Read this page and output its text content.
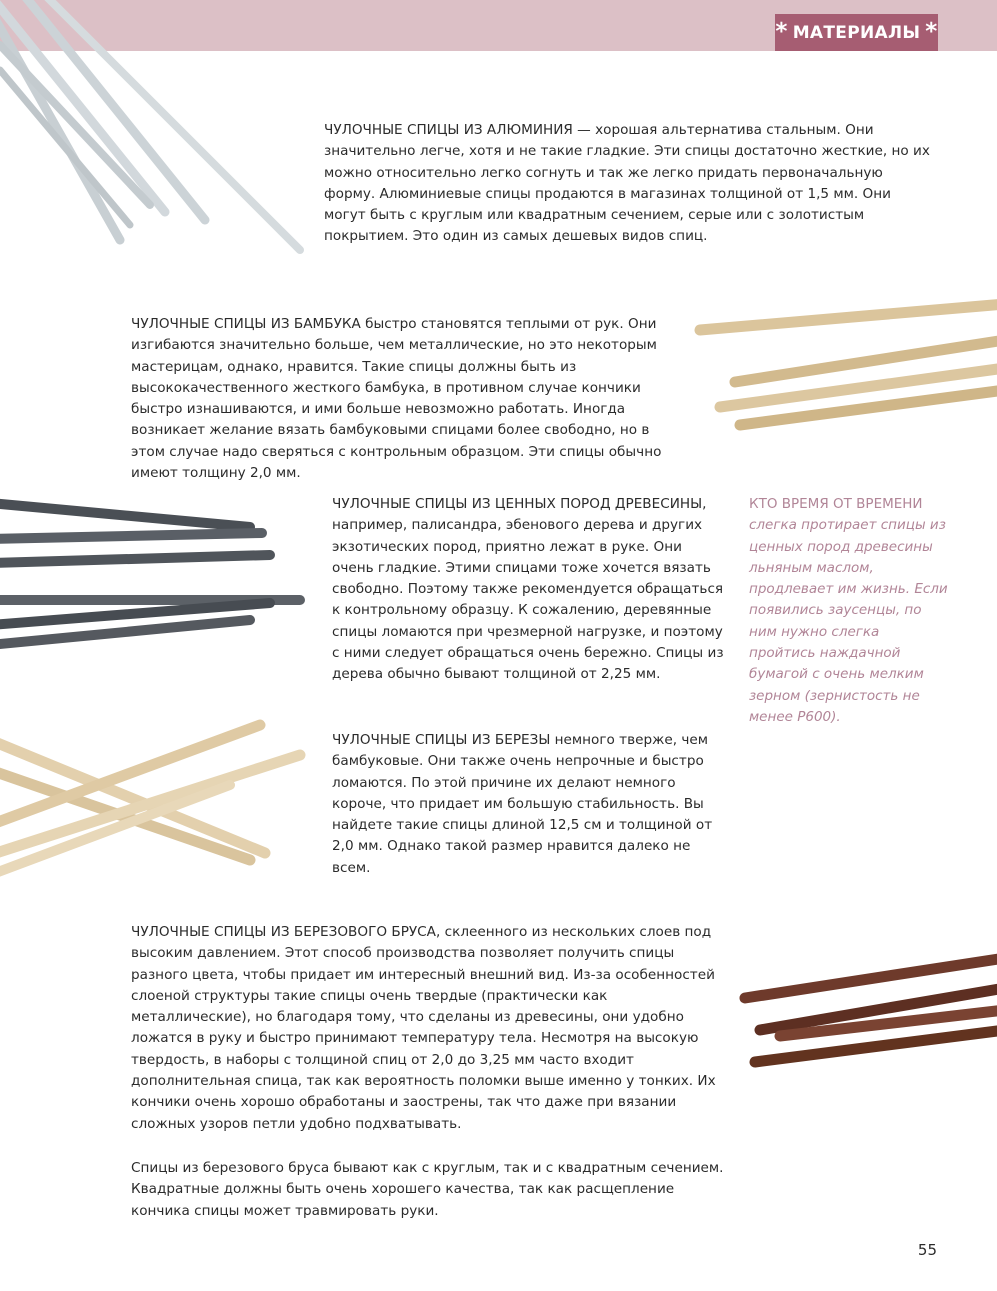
* МАТЕРИАЛЫ *

ЧУЛОЧНЫЕ СПИЦЫ ИЗ АЛЮМИНИЯ — хорошая альтернатива стальным. Они значительно легче, хотя и не такие гладкие. Эти спицы достаточно жесткие, но их можно относительно легко согнуть и так же легко придать первоначальную форму. Алюминиевые спицы продаются в магазинах толщиной от 1,5 мм. Они могут быть с круглым или квадратным сечением, серые или с золотистым покрытием. Это один из самых дешевых видов спиц.

ЧУЛОЧНЫЕ СПИЦЫ ИЗ БАМБУКА быстро становятся теплыми от рук. Они изгибаются значительно больше, чем металлические, но это некоторым мастерицам, однако, нравится. Такие спицы должны быть из высококачественного жесткого бамбука, в противном случае кончики быстро изнашиваются, и ими больше невозможно работать. Иногда возникает желание вязать бамбуковыми спицами более свободно, но в этом случае надо сверяться с контрольным образцом. Эти спицы обычно имеют толщину 2,0 мм.

ЧУЛОЧНЫЕ СПИЦЫ ИЗ ЦЕННЫХ ПОРОД ДРЕВЕСИНЫ, например, палисандра, эбенового дерева и других экзотических пород, приятно лежат в руке. Они очень гладкие. Этими спицами тоже хочется вязать свободно. Поэтому также рекомендуется обращаться к контрольному образцу. К сожалению, деревянные спицы ломаются при чрезмерной нагрузке, и поэтому с ними следует обращаться очень бережно. Спицы из дерева обычно бывают толщиной от 2,25 мм.

ЧУЛОЧНЫЕ СПИЦЫ ИЗ БЕРЕЗЫ немного тверже, чем бамбуковые. Они также очень непрочные и быстро ломаются. По этой причине их делают немного короче, что придает им большую стабильность. Вы найдете такие спицы длиной 12,5 см и толщиной от 2,0 мм. Однако такой размер нравится далеко не всем.

ЧУЛОЧНЫЕ СПИЦЫ ИЗ БЕРЕЗОВОГО БРУСА, склеенного из нескольких слоев под высоким давлением. Этот способ производства позволяет получить спицы разного цвета, чтобы придает им интересный внешний вид. Из-за особенностей слоеной структуры такие спицы очень твердые (практически как металлические), но благодаря тому, что сделаны из древесины, они удобно ложатся в руку и быстро принимают температуру тела. Несмотря на высокую твердость, в наборы с толщиной спиц от 2,0 до 3,25 мм часто входит дополнительная спица, так как вероятность поломки выше именно у тонких. Их кончики очень хорошо обработаны и заострены, так что даже при вязании сложных узоров петли удобно подхватывать.

Спицы из березового бруса бывают как с круглым, так и с квадратным сечением. Квадратные должны быть очень хорошего качества, так как расщепление кончика спицы может травмировать руки.

КТО ВРЕМЯ ОТ ВРЕМЕНИ слегка протирает спицы из ценных пород древесины льняным маслом, продлевает им жизнь. Если появились заусенцы, по ним нужно слегка пройтись наждачной бумагой с очень мелким зерном (зернистость не менее P600).

55
